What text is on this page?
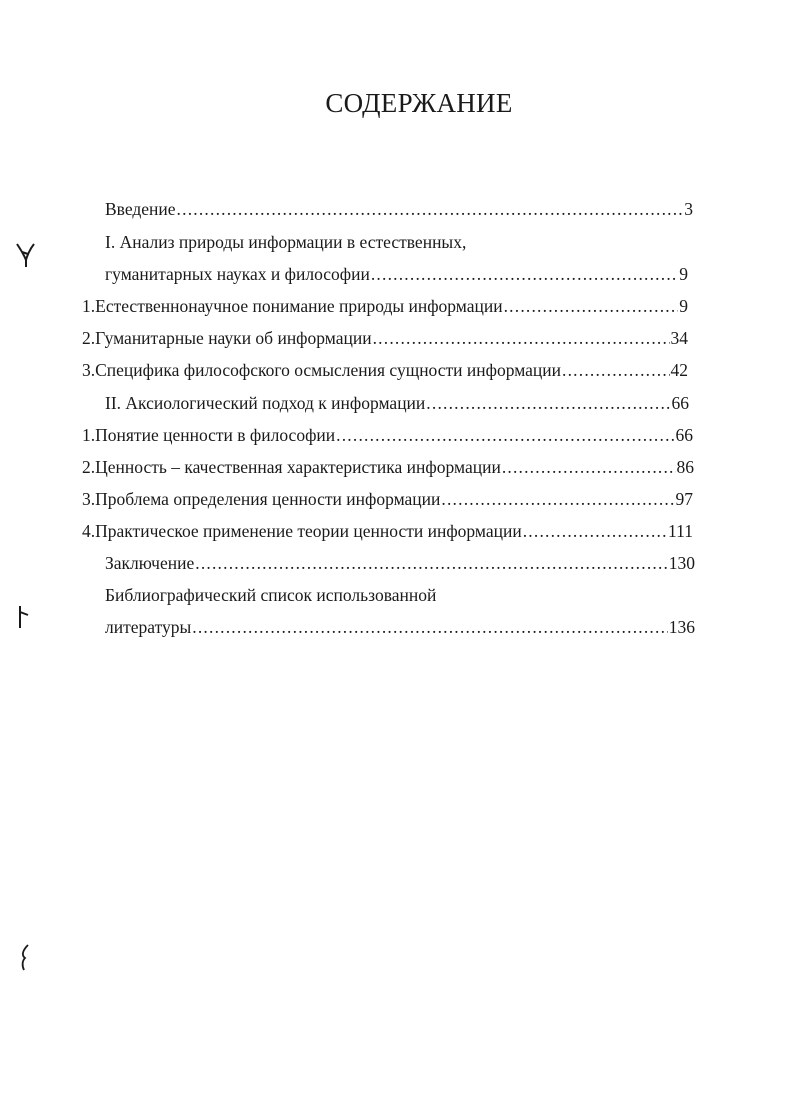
СОДЕРЖАНИЕ
Введение .....	3
I. Анализ природы информации в естественных,
гуманитарных науках и философии .....	9
1. Естественнонаучное понимание природы информации .....	9
2. Гуманитарные науки об информации .....	34
3. Специфика философского осмысления сущности информации .....	42
II. Аксиологический подход к информации .....	66
1. Понятие ценности в философии .....	66
2. Ценность – качественная характеристика информации .....	86
3. Проблема определения ценности информации .....	97
4. Практическое применение теории ценности информации .....	111
Заключение .....	130
Библиографический список использованной
литературы .....	136
